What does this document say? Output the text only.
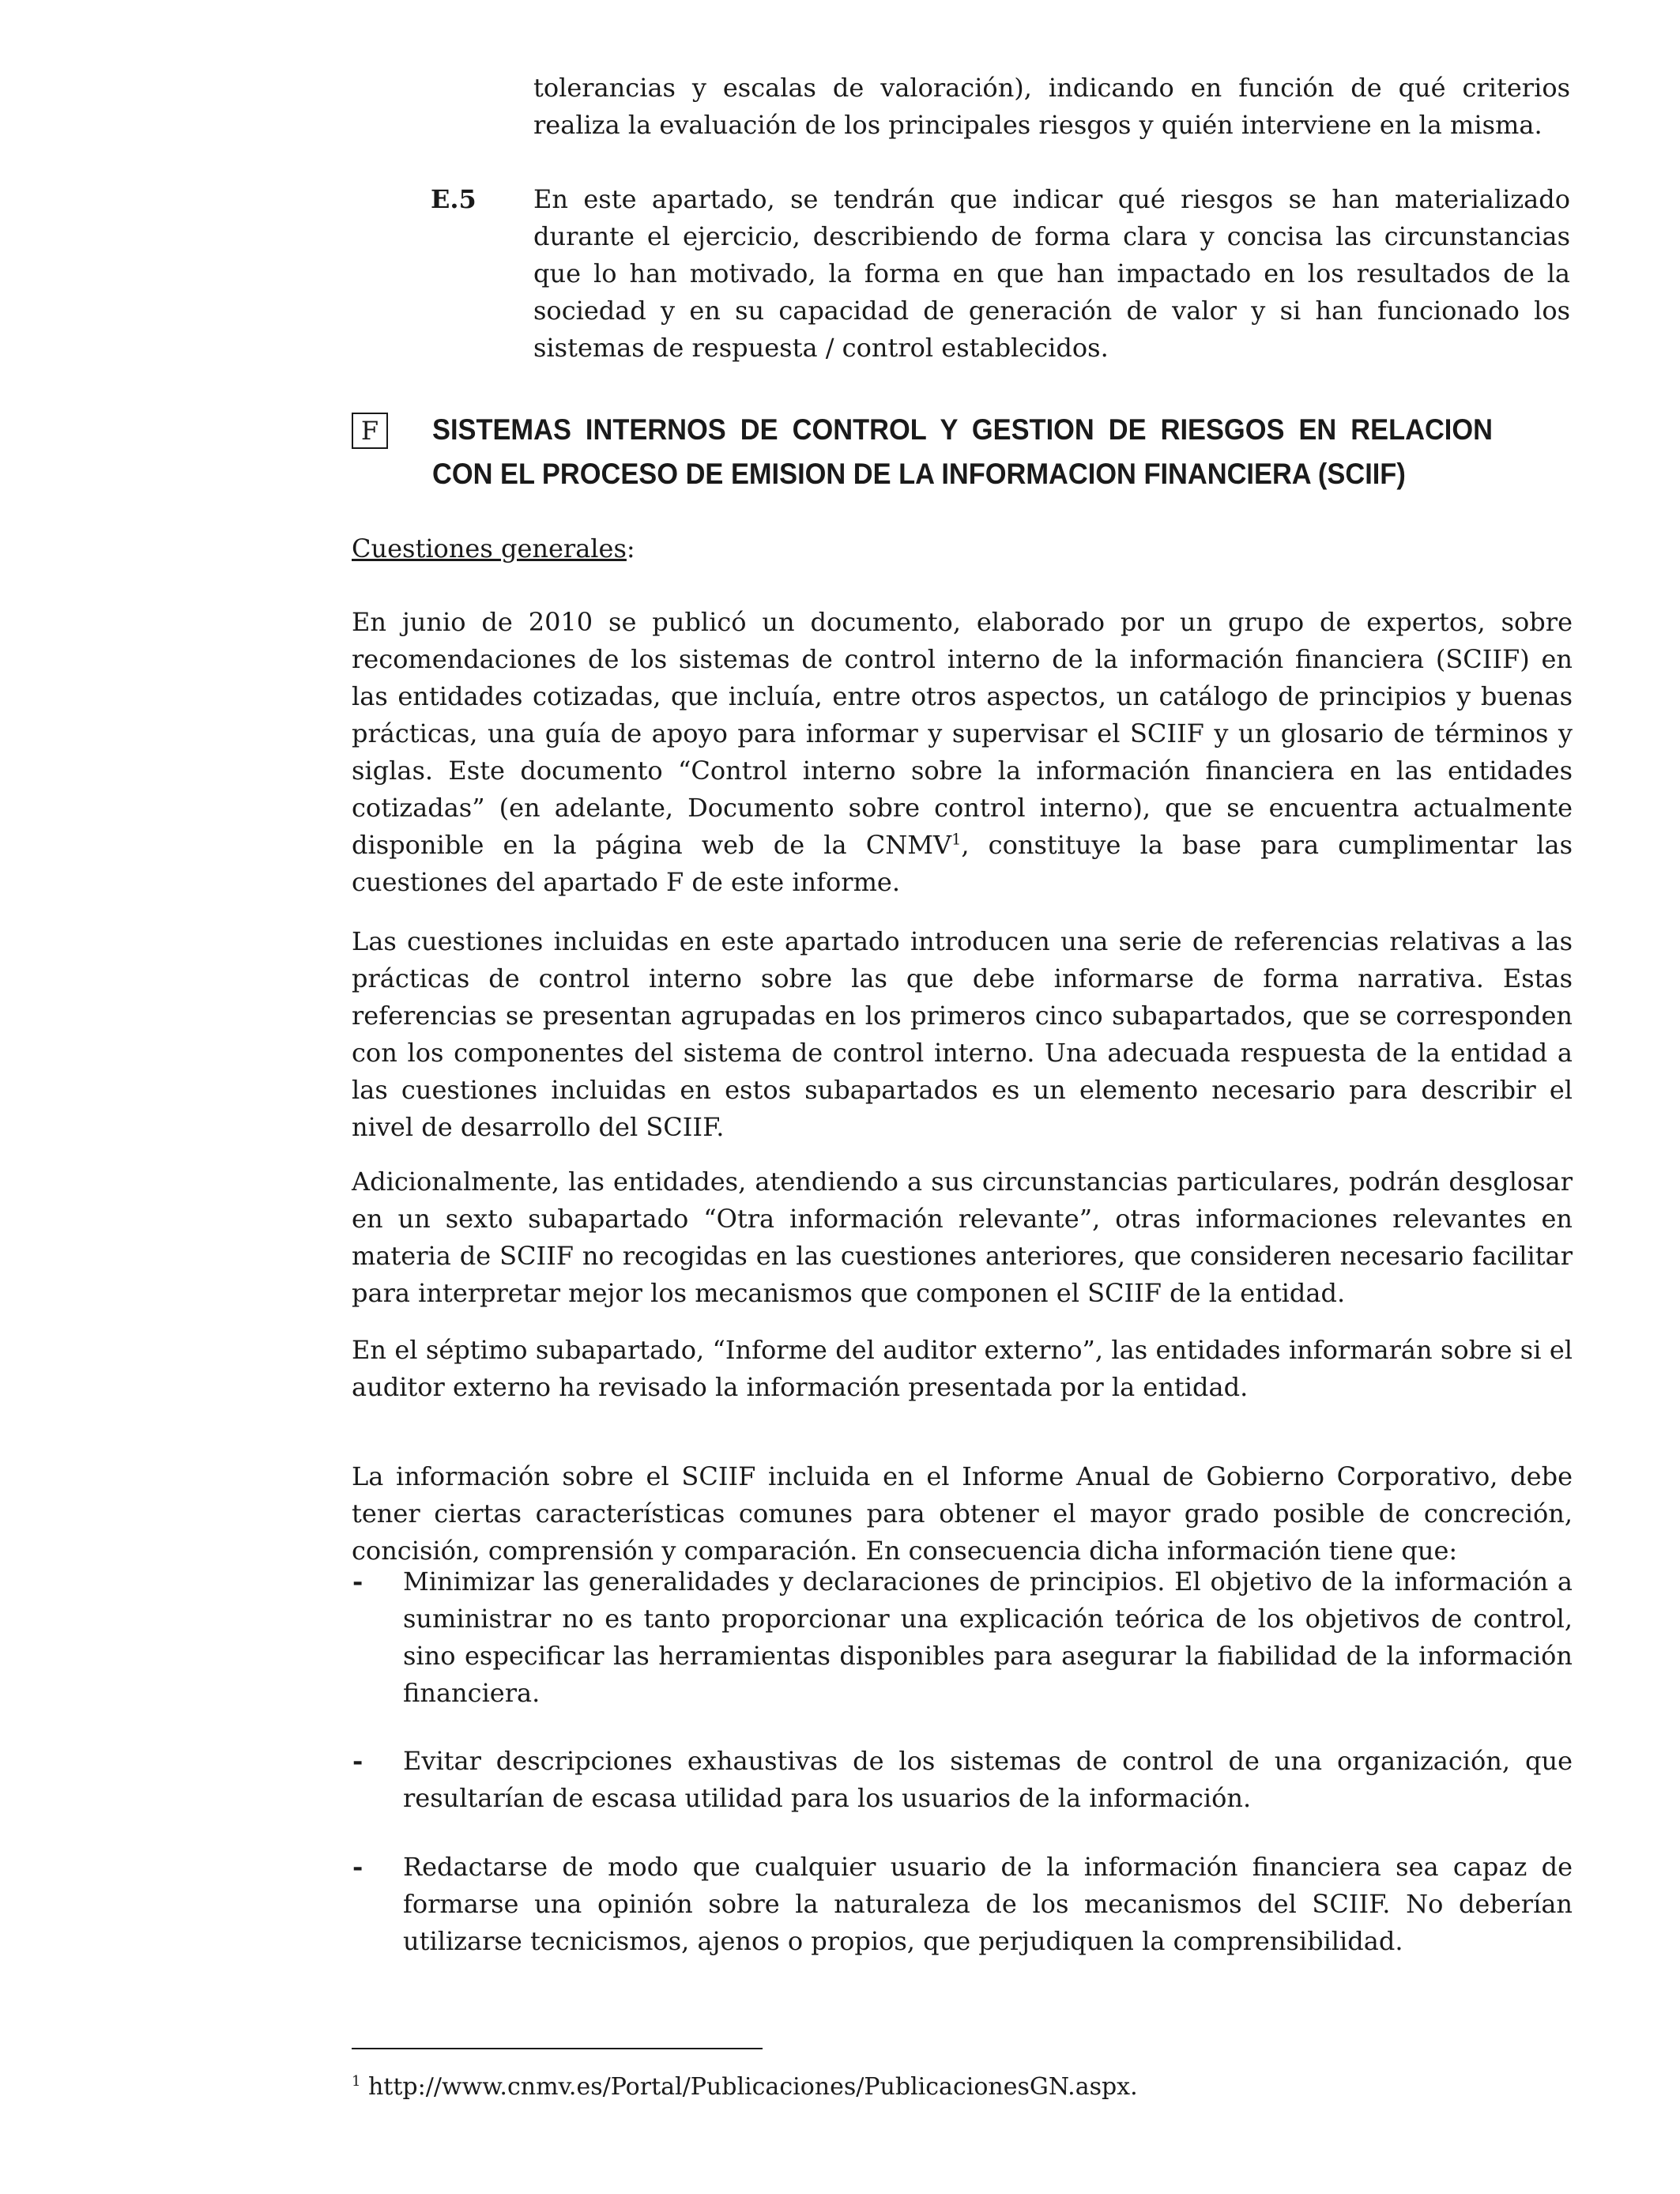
tolerancias y escalas de valoración), indicando en función de qué criterios realiza la evaluación de los principales riesgos y quién interviene en la misma.

E.5 En este apartado, se tendrán que indicar qué riesgos se han materializado durante el ejercicio, describiendo de forma clara y concisa las circunstancias que lo han motivado, la forma en que han impactado en los resultados de la sociedad y en su capacidad de generación de valor y si han funcionado los sistemas de respuesta / control establecidos.

F	SISTEMAS INTERNOS DE CONTROL Y GESTION DE RIESGOS EN RELACION CON EL PROCESO DE EMISION DE LA INFORMACION FINANCIERA (SCIIF)

Cuestiones generales:

En junio de 2010 se publicó un documento, elaborado por un grupo de expertos, sobre recomendaciones de los sistemas de control interno de la información financiera (SCIIF) en las entidades cotizadas, que incluía, entre otros aspectos, un catálogo de principios y buenas prácticas, una guía de apoyo para informar y supervisar el SCIIF y un glosario de términos y siglas. Este documento “Control interno sobre la información financiera en las entidades cotizadas” (en adelante, Documento sobre control interno), que se encuentra actualmente disponible en la página web de la CNMV$^1$, constituye la base para cumplimentar las cuestiones del apartado F de este informe.

Las cuestiones incluidas en este apartado introducen una serie de referencias relativas a las prácticas de control interno sobre las que debe informarse de forma narrativa. Estas referencias se presentan agrupadas en los primeros cinco subapartados, que se corresponden con los componentes del sistema de control interno. Una adecuada respuesta de la entidad a las cuestiones incluidas en estos subapartados es un elemento necesario para describir el nivel de desarrollo del SCIIF.

Adicionalmente, las entidades, atendiendo a sus circunstancias particulares, podrán desglosar en un sexto subapartado “Otra información relevante”, otras informaciones relevantes en materia de SCIIF no recogidas en las cuestiones anteriores, que consideren necesario facilitar para interpretar mejor los mecanismos que componen el SCIIF de la entidad.

En el séptimo subapartado, “Informe del auditor externo”, las entidades informarán sobre si el auditor externo ha revisado la información presentada por la entidad.

La información sobre el SCIIF incluida en el Informe Anual de Gobierno Corporativo, debe tener ciertas características comunes para obtener el mayor grado posible de concreción, concisión, comprensión y comparación. En consecuencia dicha información tiene que:

- Minimizar las generalidades y declaraciones de principios. El objetivo de la información a suministrar no es tanto proporcionar una explicación teórica de los objetivos de control, sino especificar las herramientas disponibles para asegurar la fiabilidad de la información financiera.

- Evitar descripciones exhaustivas de los sistemas de control de una organización, que resultarían de escasa utilidad para los usuarios de la información.

- Redactarse de modo que cualquier usuario de la información financiera sea capaz de formarse una opinión sobre la naturaleza de los mecanismos del SCIIF. No deberían utilizarse tecnicismos, ajenos o propios, que perjudiquen la comprensibilidad.

$^1$ http://www.cnmv.es/Portal/Publicaciones/PublicacionesGN.aspx.
